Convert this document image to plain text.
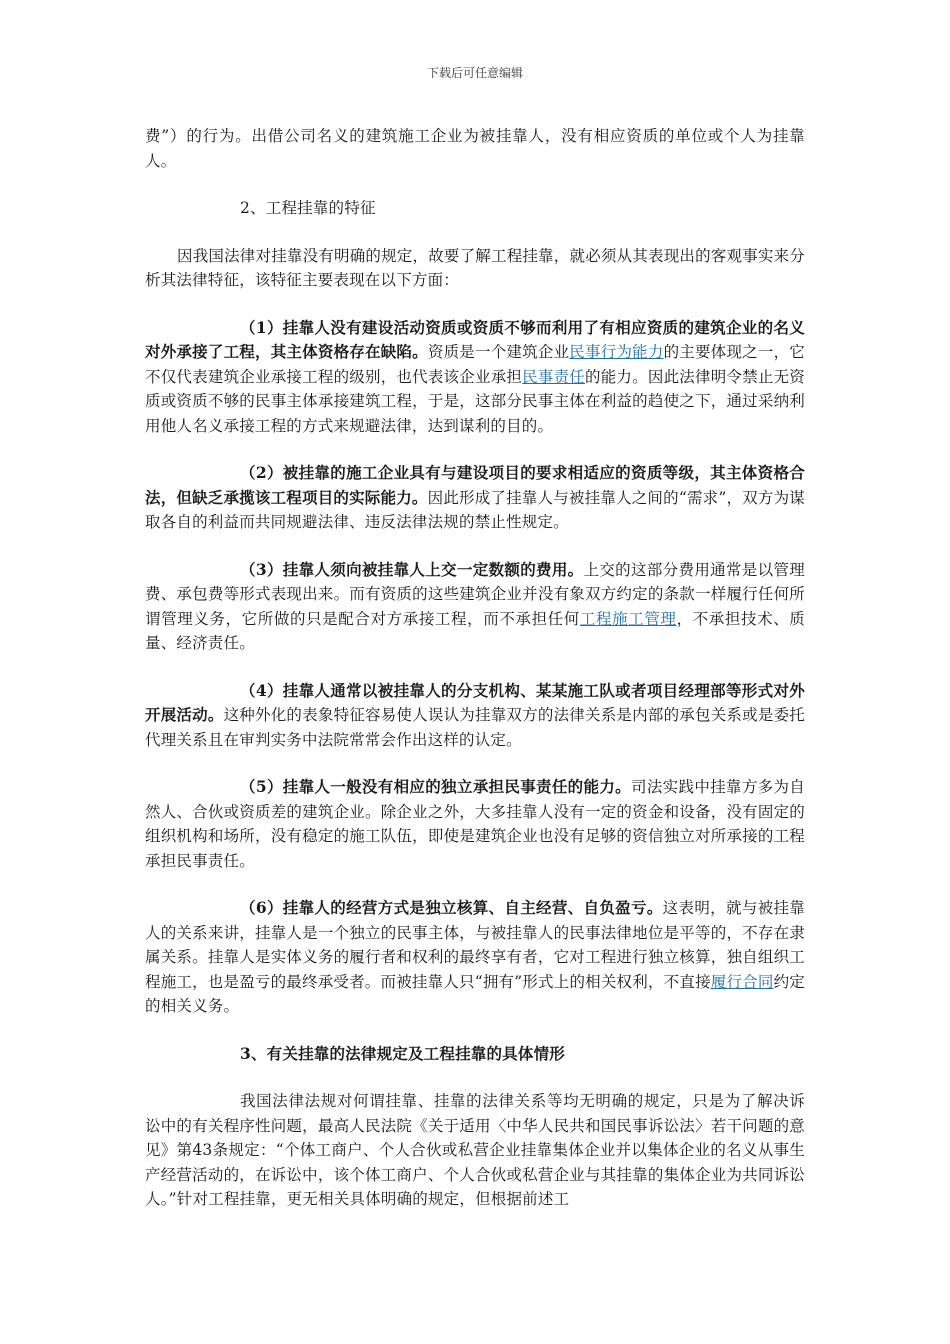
下载后可任意编辑

费”）的行为。出借公司名义的建筑施工企业为被挂靠人，没有相应资质的单位或个人为挂靠人。

2、工程挂靠的特征

因我国法律对挂靠没有明确的规定，故要了解工程挂靠，就必须从其表现出的客观事实来分析其法律特征，该特征主要表现在以下方面：

（1）挂靠人没有建设活动资质或资质不够而利用了有相应资质的建筑企业的名义对外承接了工程，其主体资格存在缺陷。资质是一个建筑企业民事行为能力的主要体现之一，它不仅代表建筑企业承接工程的级别，也代表该企业承担民事责任的能力。因此法律明令禁止无资质或资质不够的民事主体承接建筑工程，于是，这部分民事主体在利益的趋使之下，通过采纳利用他人名义承接工程的方式来规避法律，达到谋利的目的。

（2）被挂靠的施工企业具有与建设项目的要求相适应的资质等级，其主体资格合法，但缺乏承揽该工程项目的实际能力。因此形成了挂靠人与被挂靠人之间的“需求”，双方为谋取各自的利益而共同规避法律、违反法律法规的禁止性规定。

（3）挂靠人须向被挂靠人上交一定数额的费用。上交的这部分费用通常是以管理费、承包费等形式表现出来。而有资质的这些建筑企业并没有象双方约定的条款一样履行任何所谓管理义务，它所做的只是配合对方承接工程，而不承担任何工程施工管理，不承担技术、质量、经济责任。

（4）挂靠人通常以被挂靠人的分支机构、某某施工队或者项目经理部等形式对外开展活动。这种外化的表象特征容易使人误认为挂靠双方的法律关系是内部的承包关系或是委托代理关系且在审判实务中法院常常会作出这样的认定。

（5）挂靠人一般没有相应的独立承担民事责任的能力。司法实践中挂靠方多为自然人、合伙或资质差的建筑企业。除企业之外，大多挂靠人没有一定的资金和设备，没有固定的组织机构和场所，没有稳定的施工队伍，即使是建筑企业也没有足够的资信独立对所承接的工程承担民事责任。

（6）挂靠人的经营方式是独立核算、自主经营、自负盈亏。这表明，就与被挂靠人的关系来讲，挂靠人是一个独立的民事主体，与被挂靠人的民事法律地位是平等的，不存在隶属关系。挂靠人是实体义务的履行者和权利的最终享有者，它对工程进行独立核算，独自组织工程施工，也是盈亏的最终承受者。而被挂靠人只“拥有”形式上的相关权利，不直接履行合同约定的相关义务。

3、有关挂靠的法律规定及工程挂靠的具体情形

我国法律法规对何谓挂靠、挂靠的法律关系等均无明确的规定，只是为了解决诉讼中的有关程序性问题，最高人民法院《关于适用〈中华人民共和国民事诉讼法〉若干问题的意见》第43条规定：“个体工商户、个人合伙或私营企业挂靠集体企业并以集体企业的名义从事生产经营活动的，在诉讼中，该个体工商户、个人合伙或私营企业与其挂靠的集体企业为共同诉讼人。”针对工程挂靠，更无相关具体明确的规定，但根据前述工
